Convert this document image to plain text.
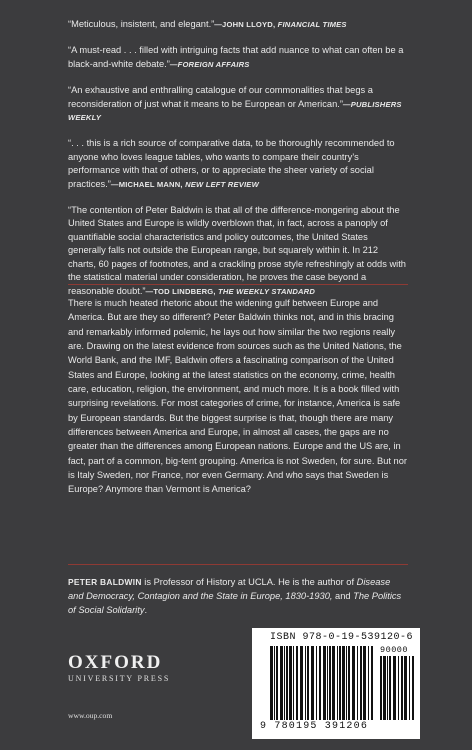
“Meticulous, insistent, and elegant.”—JOHN LLOYD, FINANCIAL TIMES

“A must-read . . . filled with intriguing facts that add nuance to what can often be a black-and-white debate.”—FOREIGN AFFAIRS

“An exhaustive and enthralling catalogue of our commonalities that begs a reconsideration of just what it means to be European or American.”—PUBLISHERS WEEKLY

“. . . this is a rich source of comparative data, to be thoroughly recommended to anyone who loves league tables, who wants to compare their country’s performance with that of others, or to appreciate the sheer variety of social practices.”—MICHAEL MANN, NEW LEFT REVIEW

“The contention of Peter Baldwin is that all of the difference-mongering about the United States and Europe is wildly overblown that, in fact, across a panoply of quantifiable social characteristics and policy outcomes, the United States generally falls not outside the European range, but squarely within it. In 212 charts, 60 pages of footnotes, and a crackling prose style refreshingly at odds with the statistical material under consideration, he proves the case beyond a reasonable doubt.”—TOD LINDBERG, THE WEEKLY STANDARD

There is much heated rhetoric about the widening gulf between Europe and America. But are they so different? Peter Baldwin thinks not, and in this bracing and remarkably informed polemic, he lays out how similar the two regions really are. Drawing on the latest evidence from sources such as the United Nations, the World Bank, and the IMF, Baldwin offers a fascinating comparison of the United States and Europe, looking at the latest statistics on the economy, crime, health care, education, religion, the environment, and much more. It is a book filled with surprising revelations. For most categories of crime, for instance, America is safe by European standards. But the biggest surprise is that, though there are many differences between America and Europe, in almost all cases, the gaps are no greater than the differences among European nations. Europe and the US are, in fact, part of a common, big-tent grouping. America is not Sweden, for sure. But nor is Italy Sweden, nor France, nor even Germany. And who says that Sweden is Europe? Anymore than Vermont is America?

PETER BALDWIN is Professor of History at UCLA. He is the author of Disease and Democracy, Contagion and the State in Europe, 1830-1930, and The Politics of Social Solidarity.

OXFORD
UNIVERSITY PRESS
www.oup.com
ISBN 978-0-19-539120-6
90000
9 780195 391206
